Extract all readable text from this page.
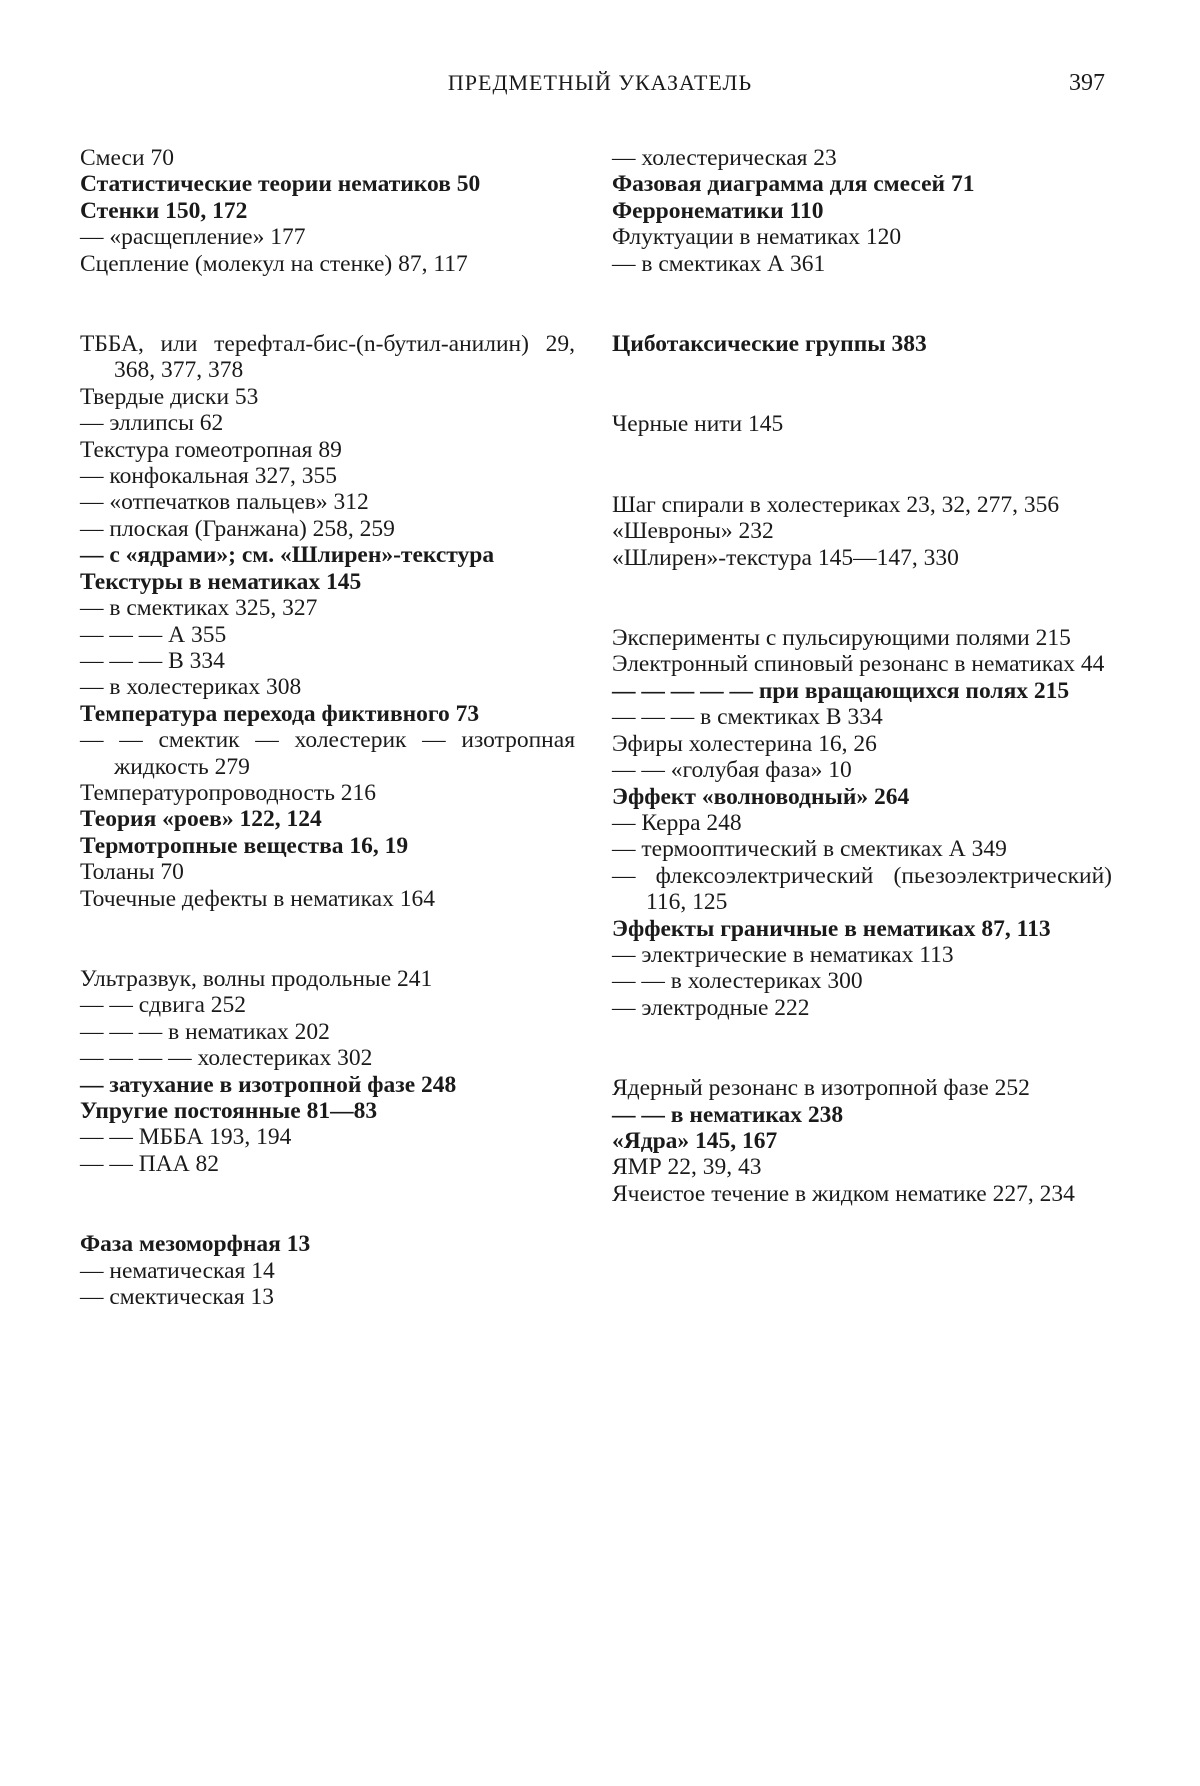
ПРЕДМЕТНЫЙ УКАЗАТЕЛЬ	397

Смеси 70

Статистические теории нематиков 50

Стенки 150, 172

— «расщепление» 177

Сцепление (молекул на стенке) 87, 117

ТББА, или терефтал-бис-(n-бутил-анилин) 29, 368, 377, 378

Твердые диски 53

— эллипсы 62

Текстура гомеотропная 89

— конфокальная 327, 355

— «отпечатков пальцев» 312

— плоская (Гранжана) 258, 259

— с «ядрами»; см. «Шлирен»-текстура

Текстуры в нематиках 145

— в смектиках 325, 327

— — — А 355

— — — В 334

— в холестериках 308

Температура перехода фиктивного 73

— — смектик — холестерик — изотропная жидкость 279

Температуропроводность 216

Теория «роев» 122, 124

Термотропные вещества 16, 19

Толаны 70

Точечные дефекты в нематиках 164

Ультразвук, волны продольные 241

— — сдвига 252

— — — в нематиках 202

— — — — холестериках 302

— затухание в изотропной фазе 248

Упругие постоянные 81—83

— — МББА 193, 194

— — ПАА 82

Фаза мезоморфная 13

— нематическая 14

— смектическая 13

— холестерическая 23

Фазовая диаграмма для смесей 71

Ферронематики 110

Флуктуации в нематиках 120

— в смектиках А 361

Циботаксические группы 383

Черные нити 145

Шаг спирали в холестериках 23, 32, 277, 356

«Шевроны» 232

«Шлирен»-текстура 145—147, 330

Эксперименты с пульсирующими полями 215

Электронный спиновый резонанс в нематиках 44

— — — — — при вращающихся полях 215

— — — в смектиках В 334

Эфиры холестерина 16, 26

— — «голубая фаза» 10

Эффект «волноводный» 264

— Керра 248

— термооптический в смектиках А 349

— флексоэлектрический (пьезоэлектрический) 116, 125

Эффекты граничные в нематиках 87, 113

— электрические в нематиках 113

— — в холестериках 300

— электродные 222

Ядерный резонанс в изотропной фазе 252

— — в нематиках 238

«Ядра» 145, 167

ЯМР 22, 39, 43

Ячеистое течение в жидком нематике 227, 234
